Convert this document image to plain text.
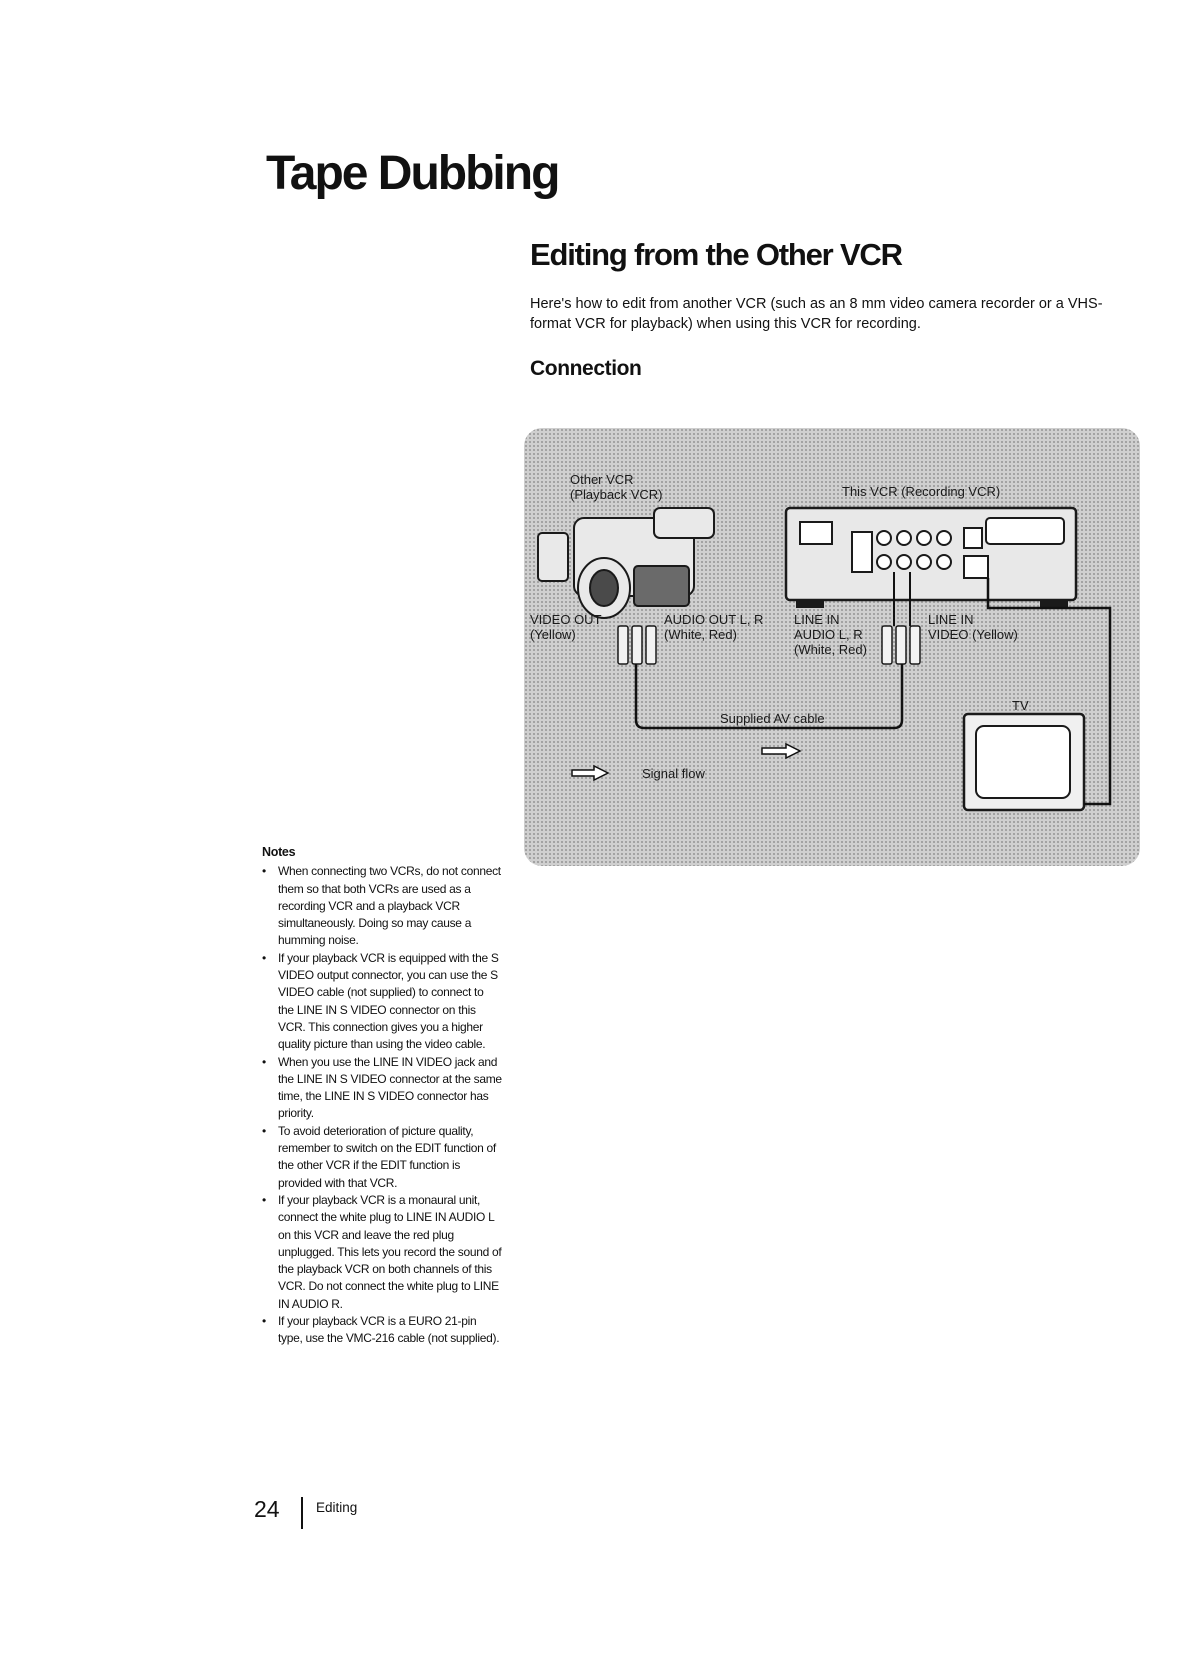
Tape Dubbing
Editing from the Other VCR

Here's how to edit from another VCR (such as an 8 mm video camera recorder or a VHS-format VCR for playback) when using this VCR for recording.

Connection
Other VCR
(Playback VCR)	This VCR (Recording VCR)
VIDEO OUT
(Yellow)
AUDIO OUT L, R
(White, Red)
LINE IN
AUDIO L, R
(White, Red)
LINE IN
VIDEO (Yellow)
TV
Supplied AV cable
Signal flow

Notes

• When connecting two VCRs, do not connect them so that both VCRs are used as a recording VCR and a playback VCR simultaneously. Doing so may cause a humming noise.
• If your playback VCR is equipped with the S VIDEO output connector, you can use the S VIDEO cable (not supplied) to connect to the LINE IN S VIDEO connector on this VCR. This connection gives you a higher quality picture than using the video cable.
• When you use the LINE IN VIDEO jack and the LINE IN S VIDEO connector at the same time, the LINE IN S VIDEO connector has priority.
• To avoid deterioration of picture quality, remember to switch on the EDIT function of the other VCR if the EDIT function is provided with that VCR.
• If your playback VCR is a monaural unit, connect the white plug to LINE IN AUDIO L on this VCR and leave the red plug unplugged. This lets you record the sound of the playback VCR on both channels of this VCR. Do not connect the white plug to LINE IN AUDIO R.
• If your playback VCR is a EURO 21-pin type, use the VMC-216 cable (not supplied).

24	Editing
